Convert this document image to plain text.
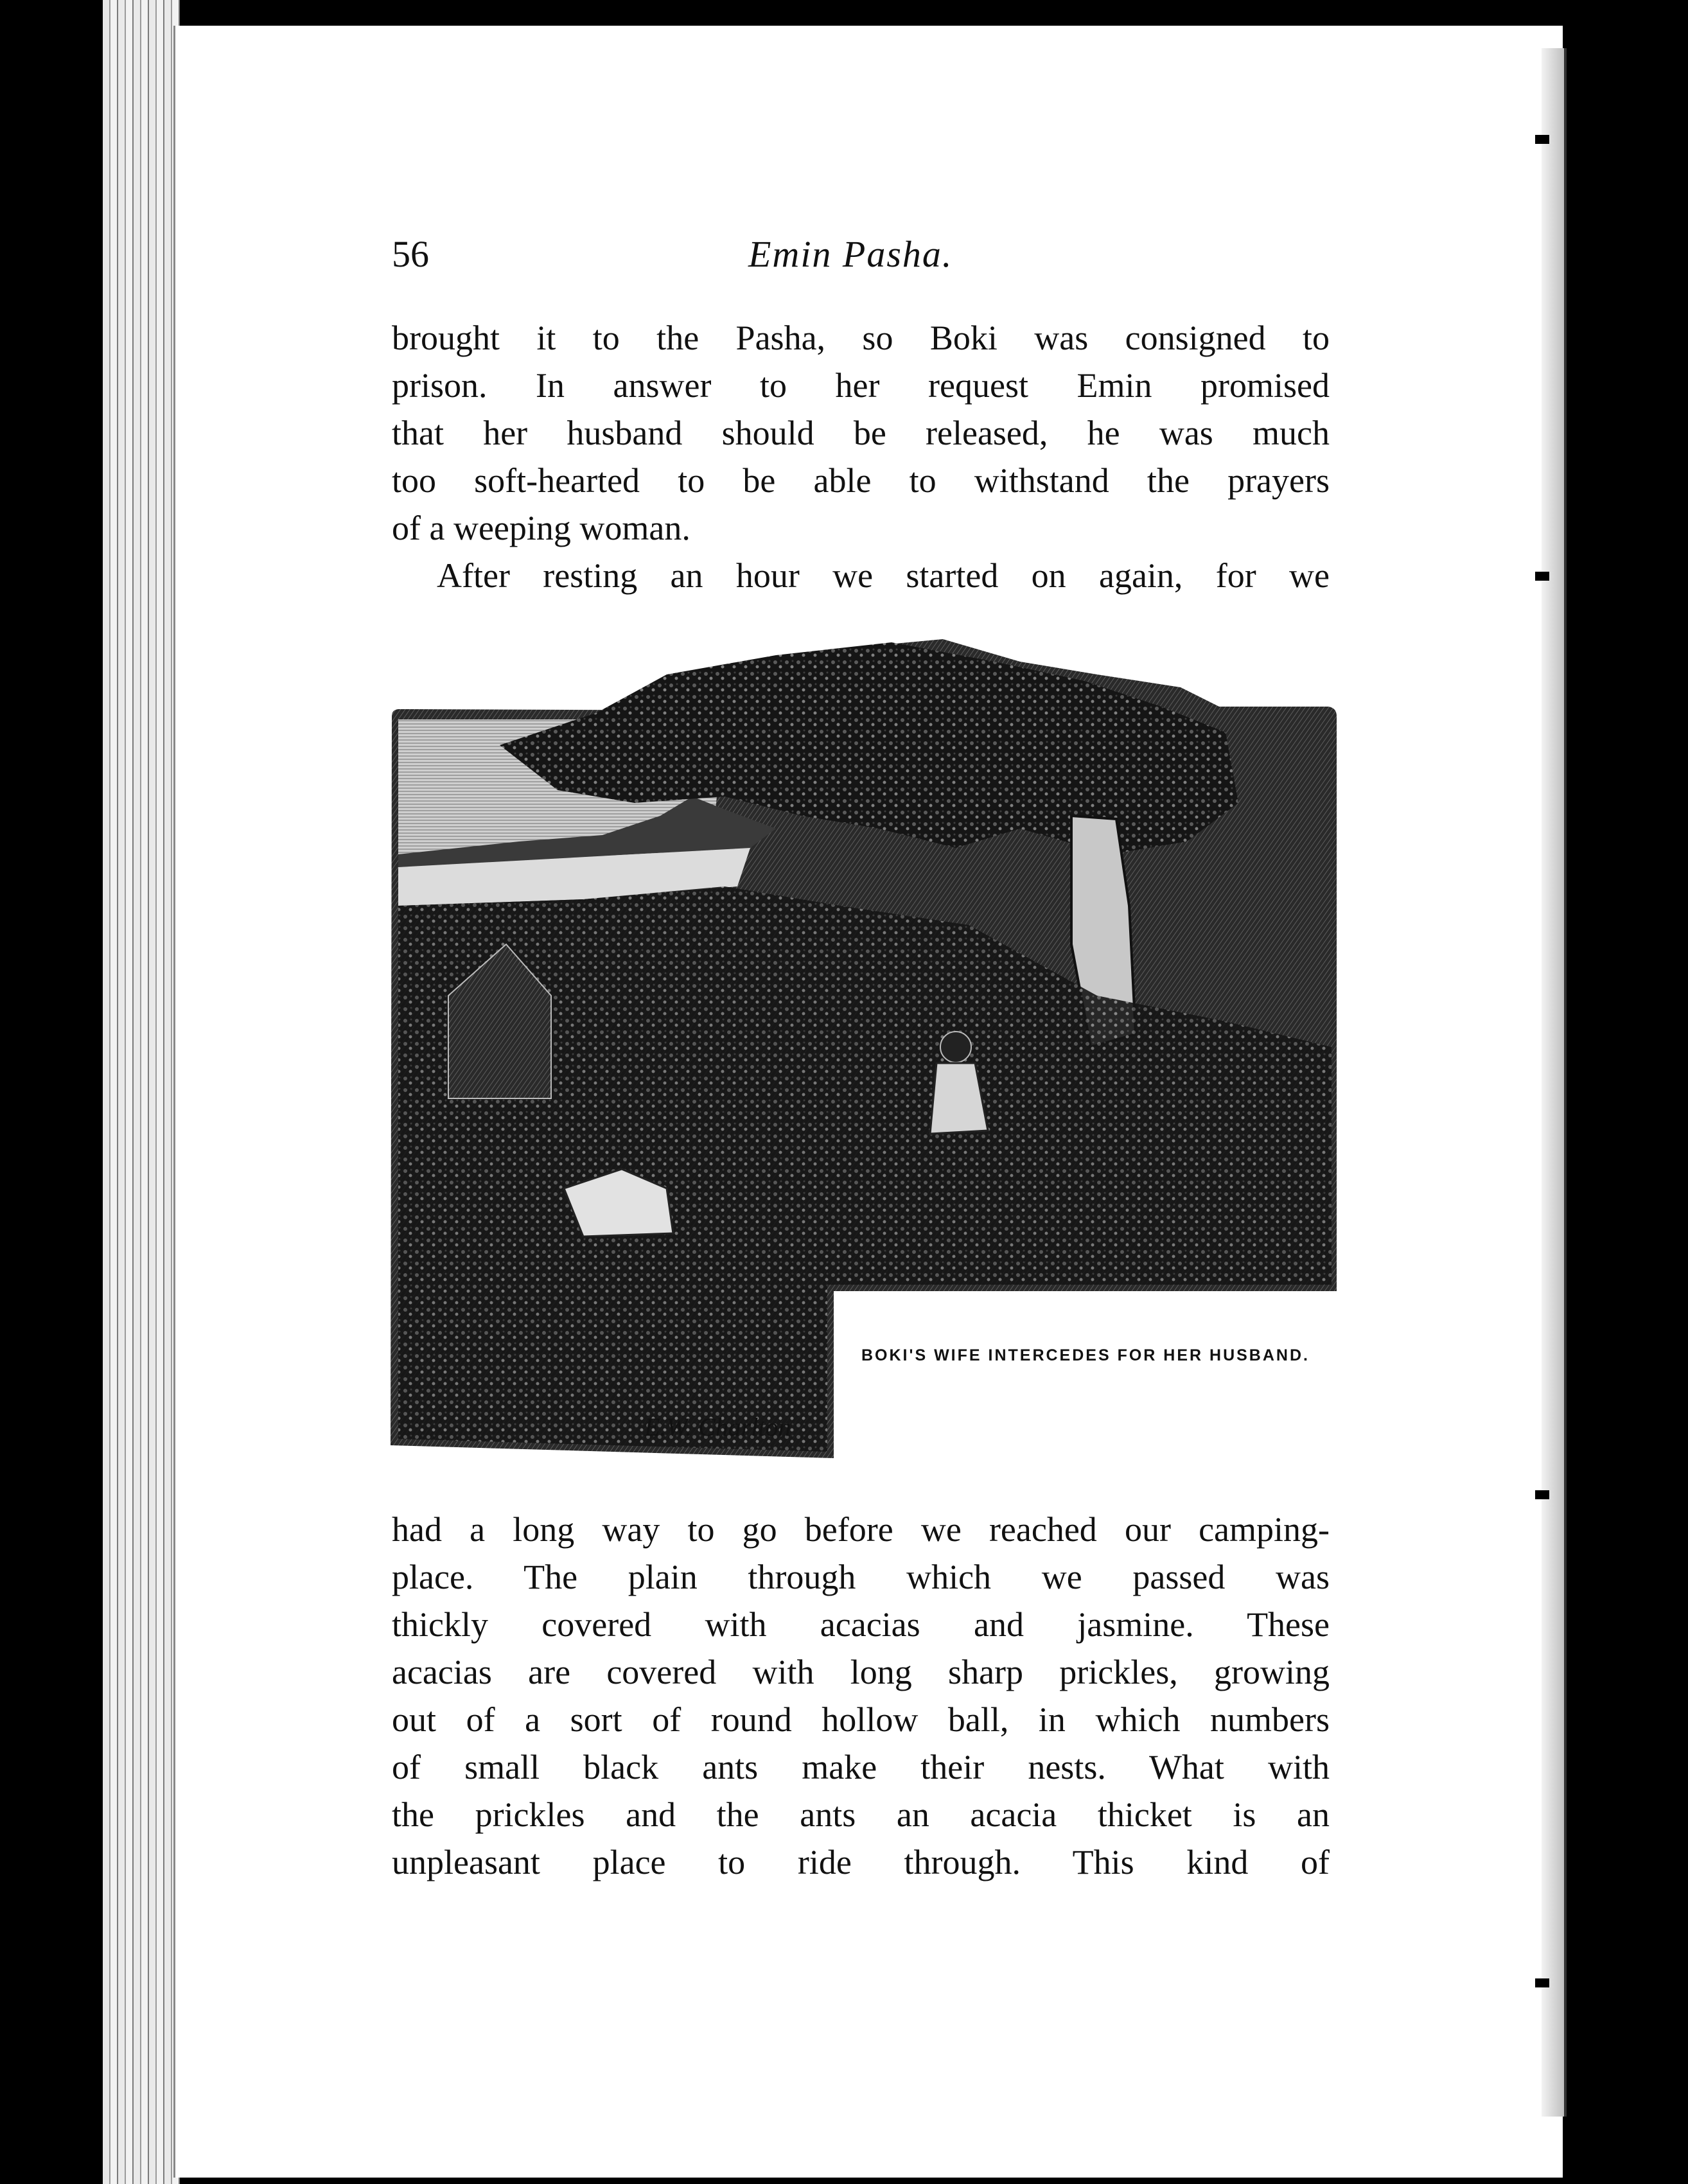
56	Emin Pasha.
brought it to the Pasha, so Boki was consigned to
prison. In answer to her request Emin promised
that her husband should be released, he was much
too soft-hearted to be able to withstand the prayers
of a weeping woman.
After resting an hour we started on again, for we
E.W. Charlton
BOKI'S WIFE INTERCEDES FOR HER HUSBAND.
had a long way to go before we reached our camping-
place. The plain through which we passed was
thickly covered with acacias and jasmine. These
acacias are covered with long sharp prickles, growing
out of a sort of round hollow ball, in which numbers
of small black ants make their nests. What with
the prickles and the ants an acacia thicket is an
unpleasant place to ride through. This kind of
